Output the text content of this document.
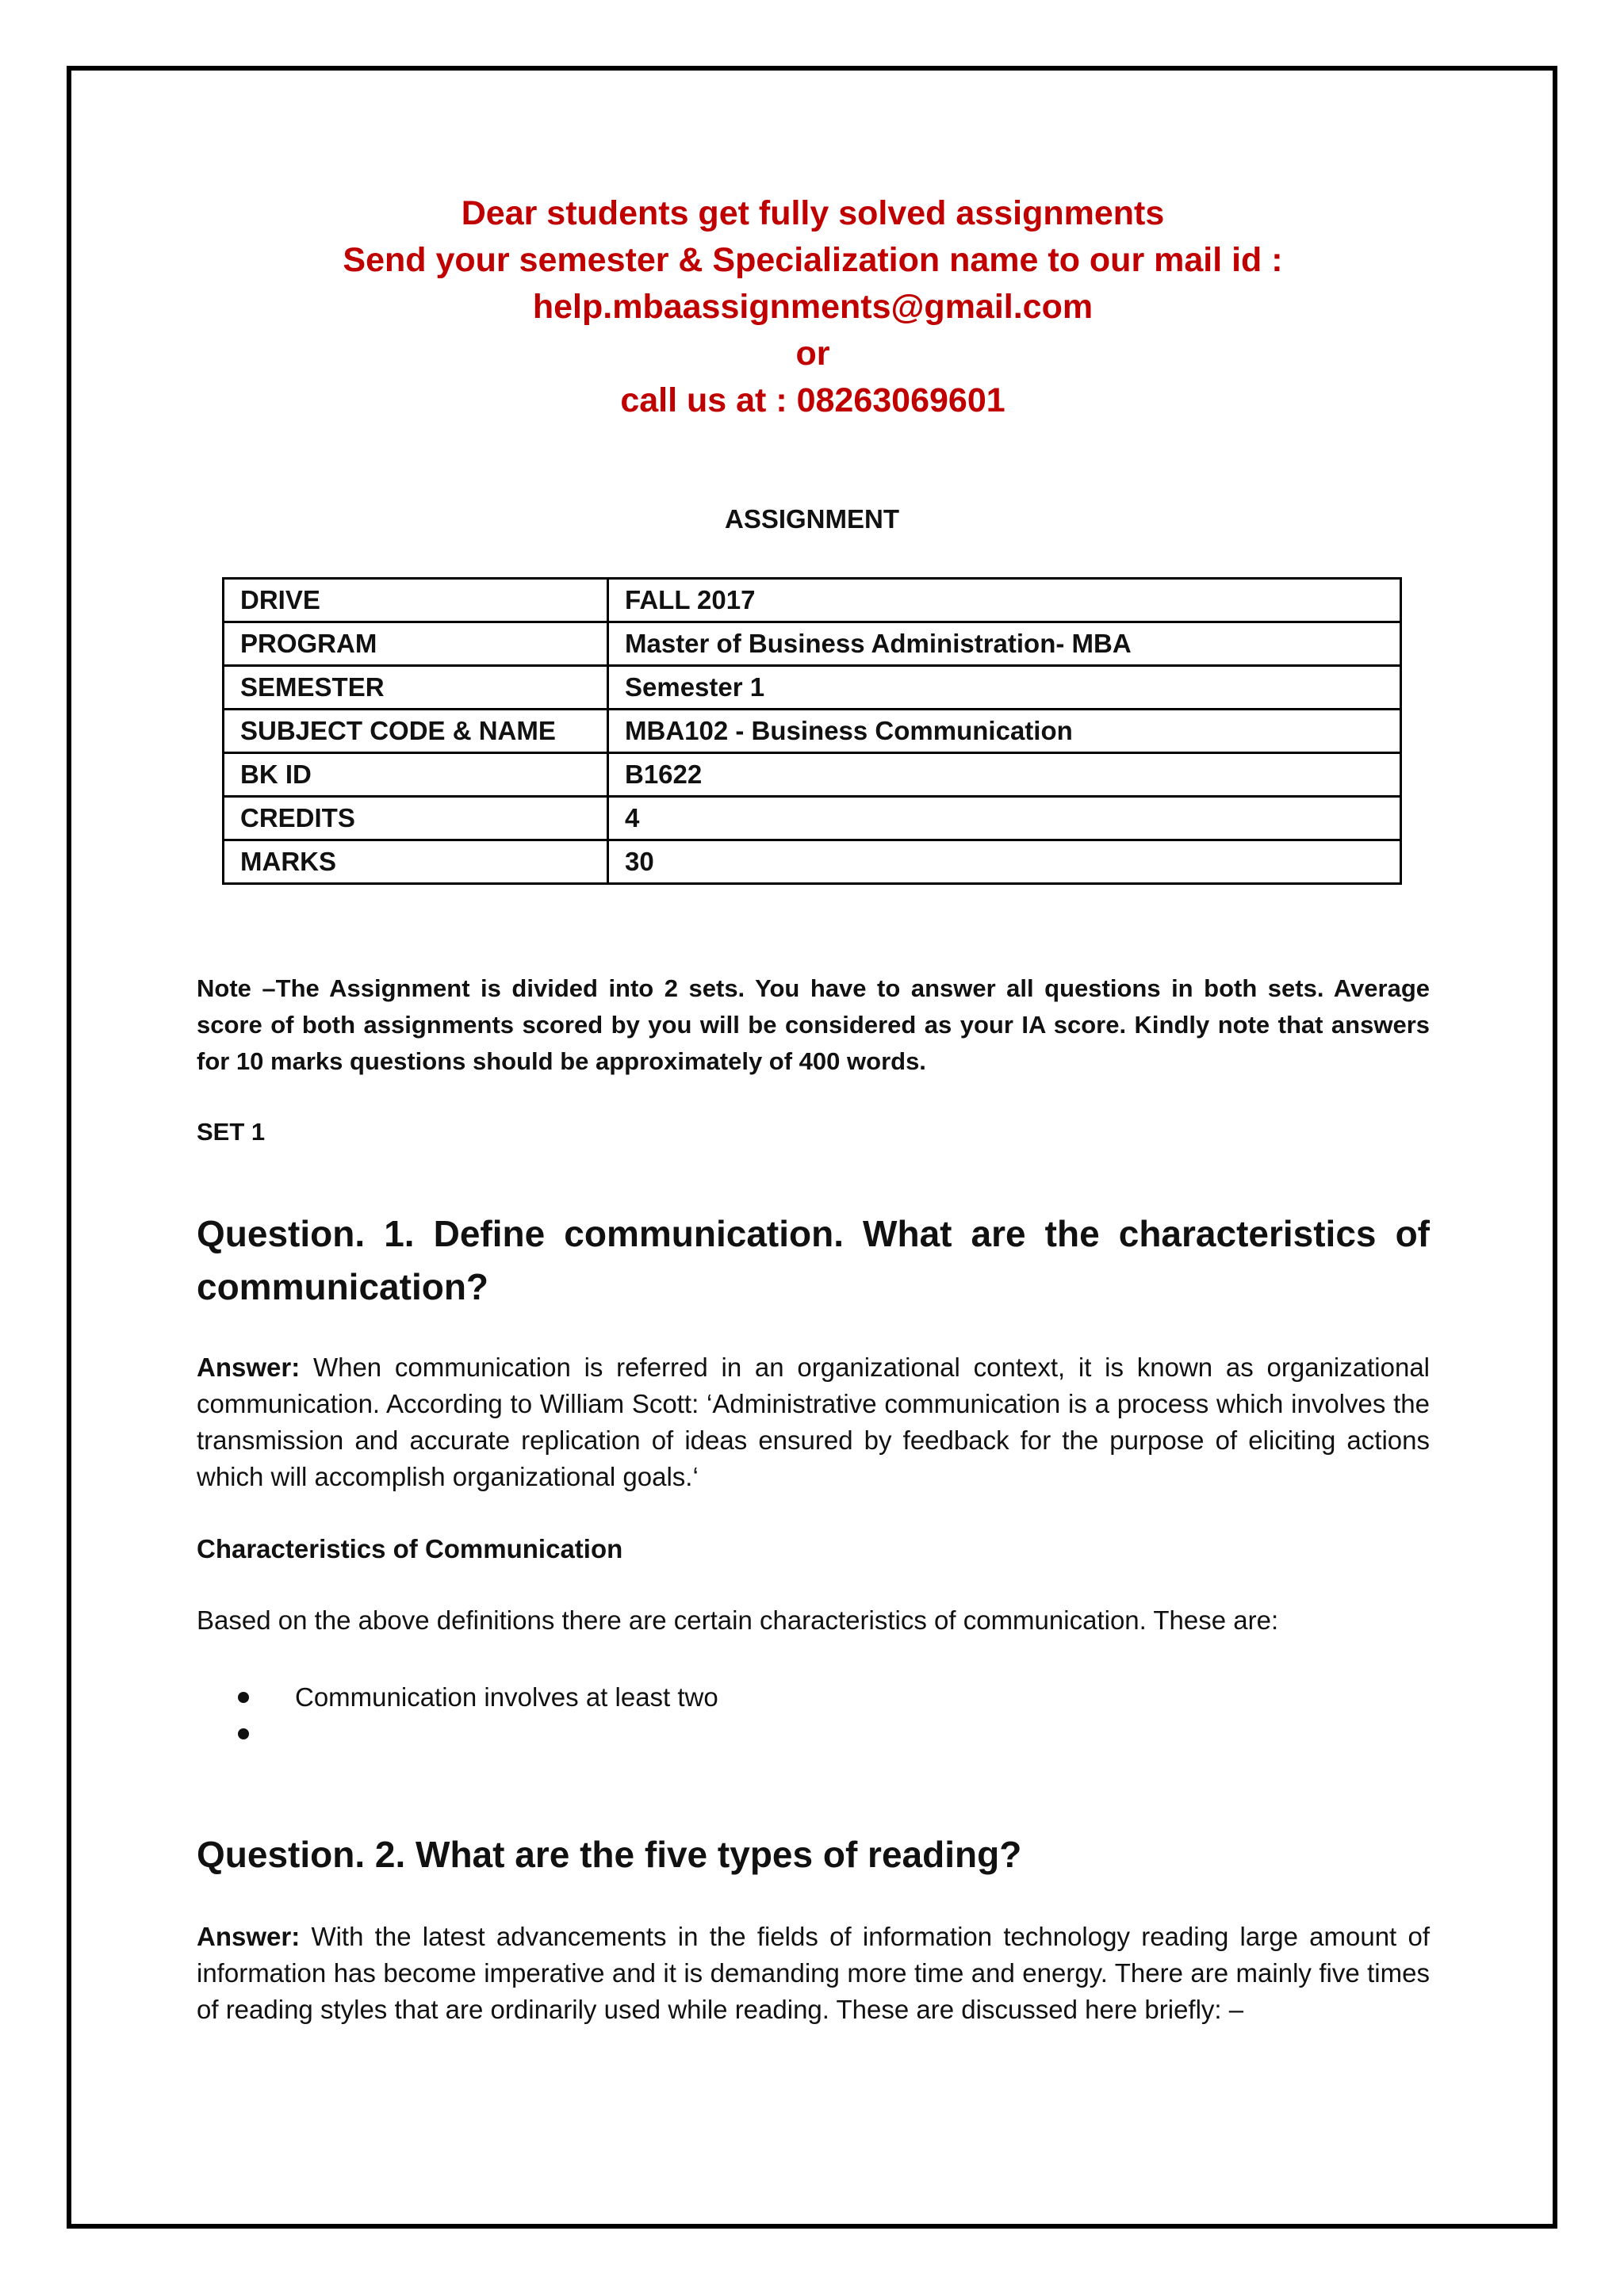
Dear students get fully solved assignments
Send your semester & Specialization name to our mail id :
help.mbaassignments@gmail.com
or
call us at : 08263069601
ASSIGNMENT
DRIVE	FALL 2017
PROGRAM	Master of Business Administration- MBA
SEMESTER	Semester 1
SUBJECT CODE & NAME	MBA102 - Business Communication
BK ID	B1622
CREDITS	4
MARKS	30
Note –The Assignment is divided into 2 sets. You have to answer all questions in both sets. Average score of both assignments scored by you will be considered as your IA score. Kindly note that answers for 10 marks questions should be approximately of 400 words.
SET 1
Question. 1. Define communication. What are the characteristics of communication?
Answer: When communication is referred in an organizational context, it is known as organizational communication. According to William Scott: ‘Administrative communication is a process which involves the transmission and accurate replication of ideas ensured by feedback for the purpose of eliciting actions which will accomplish organizational goals.‘
Characteristics of Communication
Based on the above definitions there are certain characteristics of communication. These are:
Communication involves at least two
Question. 2. What are the five types of reading?
Answer: With the latest advancements in the fields of information technology reading large amount of information has become imperative and it is demanding more time and energy. There are mainly five times of reading styles that are ordinarily used while reading. These are discussed here briefly: –
